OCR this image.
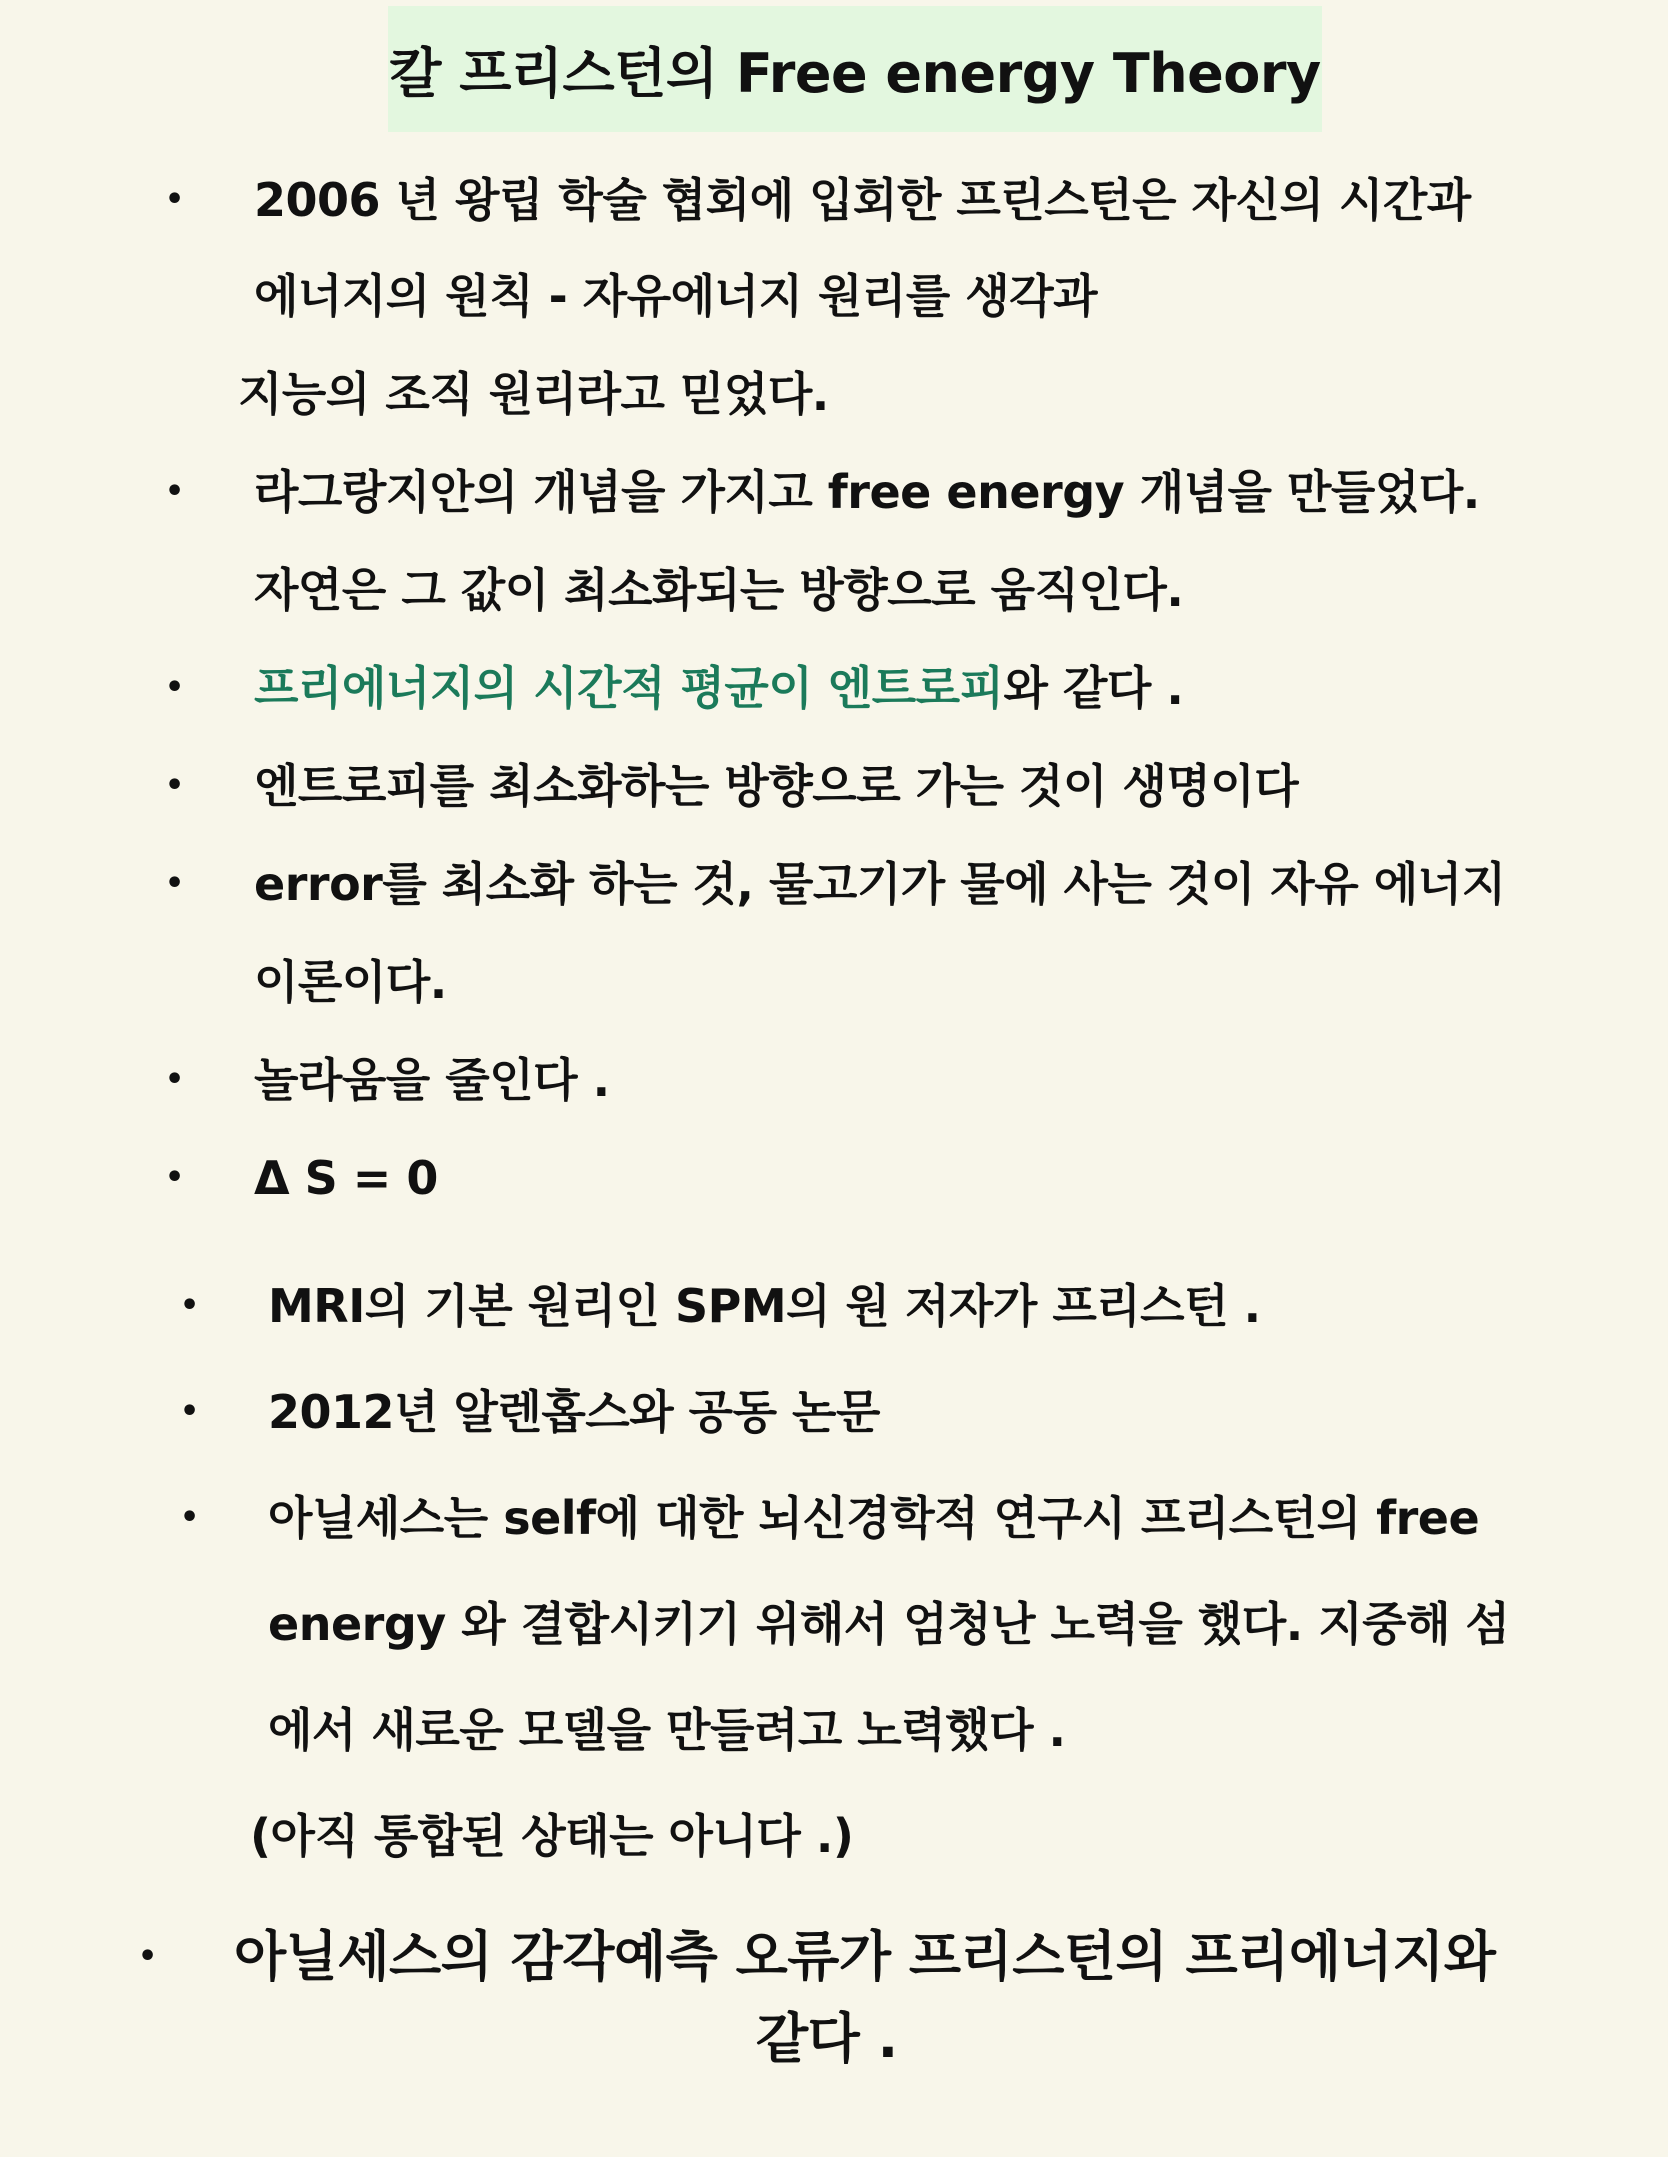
칼 프리스턴의 Free energy Theory
• 2006 년 왕립 학술 협회에 입회한 프린스턴은 자신의 시간과
에너지의 원칙 - 자유에너지 원리를 생각과
지능의 조직 원리라고 믿었다.
• 라그랑지안의 개념을 가지고 free energy 개념을 만들었다.
자연은 그 값이 최소화되는 방향으로 움직인다.
• 프리에너지의 시간적 평균이 엔트로피와 같다 .
• 엔트로피를 최소화하는 방향으로 가는 것이 생명이다
• error를 최소화 하는 것, 물고기가 물에 사는 것이 자유 에너지
이론이다.
• 놀라움을 줄인다 .
• Δ S = 0
• MRI의 기본 원리인 SPM의 원 저자가 프리스턴 .
• 2012년 알렌홉스와 공동 논문
• 아닐세스는 self에 대한 뇌신경학적 연구시 프리스턴의 free
energy 와 결합시키기 위해서 엄청난 노력을 했다. 지중해 섬
에서 새로운 모델을 만들려고 노력했다 .
(아직 통합된 상태는 아니다 .)
• 아닐세스의 감각예측 오류가 프리스턴의 프리에너지와
같다 .
